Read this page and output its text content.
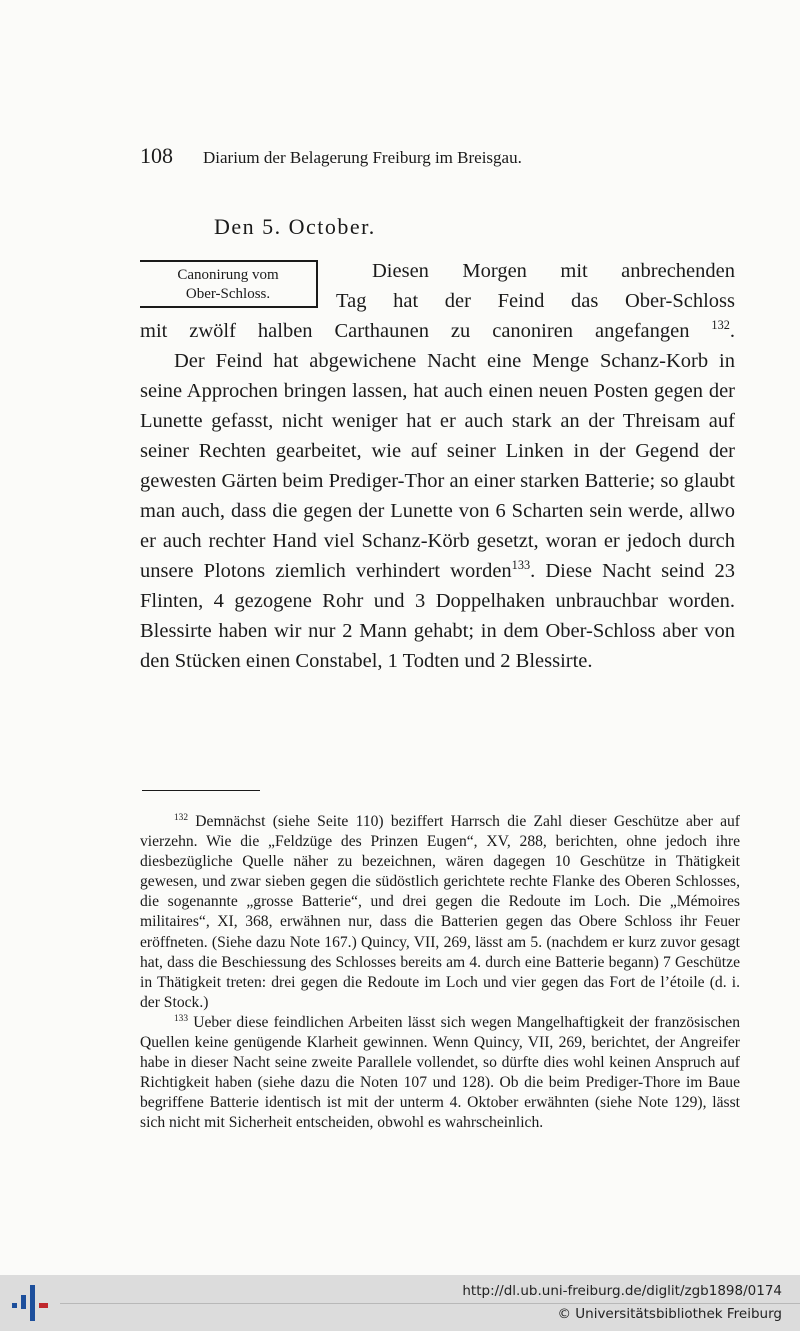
108 Diarium der Belagerung Freiburg im Breisgau.
Den 5. October.
Canonirung vom
Ober-Schloss.
Diesen Morgen mit anbrechenden
Tag hat der Feind das Ober-Schloss
mit zwölf halben Carthaunen zu canoniren angefangen $^{132}$.
Der Feind hat abgewichene Nacht eine Menge Schanz-Korb in seine Approchen bringen lassen, hat auch einen neuen Posten gegen der Lunette gefasst, nicht weniger hat er auch stark an der Threisam auf seiner Rechten gearbeitet, wie auf seiner Linken in der Gegend der gewesten Gärten beim Prediger-Thor an einer starken Batterie; so glaubt man auch, dass die gegen der Lunette von 6 Scharten sein werde, allwo er auch rechter Hand viel Schanz-Körb gesetzt, woran er jedoch durch unsere Plotons ziemlich verhindert worden$^{133}$. Diese Nacht seind 23 Flinten, 4 gezogene Rohr und 3 Doppelhaken unbrauchbar worden. Blessirte haben wir nur 2 Mann gehabt; in dem Ober-Schloss aber von den Stücken einen Constabel, 1 Todten und 2 Blessirte.

$^{132}$ Demnächst (siehe Seite 110) beziffert Harrsch die Zahl dieser Geschütze aber auf vierzehn. Wie die „Feldzüge des Prinzen Eugen“, XV, 288, berichten, ohne jedoch ihre diesbezügliche Quelle näher zu bezeichnen, wären dagegen 10 Geschütze in Thätigkeit gewesen, und zwar sieben gegen die südöstlich gerichtete rechte Flanke des Oberen Schlosses, die sogenannte „grosse Batterie“, und drei gegen die Redoute im Loch. Die „Mémoires militaires“, XI, 368, erwähnen nur, dass die Batterien gegen das Obere Schloss ihr Feuer eröffneten. (Siehe dazu Note 167.) Quincy, VII, 269, lässt am 5. (nachdem er kurz zuvor gesagt hat, dass die Beschiessung des Schlosses bereits am 4. durch eine Batterie begann) 7 Geschütze in Thätigkeit treten: drei gegen die Redoute im Loch und vier gegen das Fort de l’étoile (d. i. der Stock.)

$^{133}$ Ueber diese feindlichen Arbeiten lässt sich wegen Mangelhaftigkeit der französischen Quellen keine genügende Klarheit gewinnen. Wenn Quincy, VII, 269, berichtet, der Angreifer habe in dieser Nacht seine zweite Parallele vollendet, so dürfte dies wohl keinen Anspruch auf Richtigkeit haben (siehe dazu die Noten 107 und 128). Ob die beim Prediger-Thore im Baue begriffene Batterie identisch ist mit der unterm 4. Oktober erwähnten (siehe Note 129), lässt sich nicht mit Sicherheit entscheiden, obwohl es wahrscheinlich.

http://dl.ub.uni-freiburg.de/diglit/zgb1898/0174
© Universitätsbibliothek Freiburg
